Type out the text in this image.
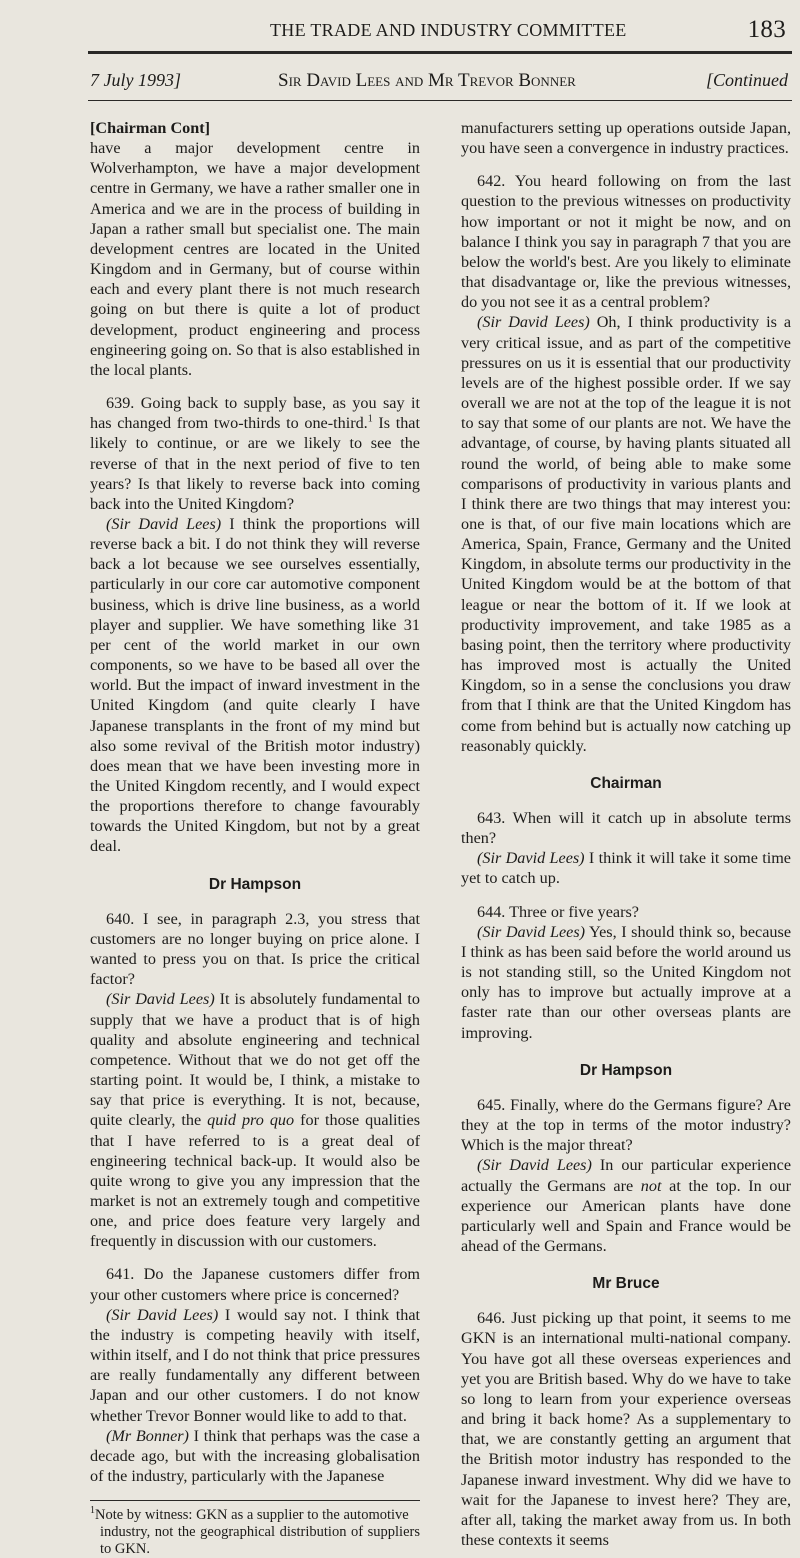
THE TRADE AND INDUSTRY COMMITTEE	183
7 July 1993]	Sir David Lees and Mr Trevor Bonner	[Continued
[Chairman Cont]

have a major development centre in Wolverhampton, we have a major development centre in Germany, we have a rather smaller one in America and we are in the process of building in Japan a rather small but specialist one. The main development centres are located in the United Kingdom and in Germany, but of course within each and every plant there is not much research going on but there is quite a lot of product development, product engineering and process engineering going on. So that is also established in the local plants.

639. Going back to supply base, as you say it has changed from two-thirds to one-third.$^1$ Is that likely to continue, or are we likely to see the reverse of that in the next period of five to ten years? Is that likely to reverse back into coming back into the United Kingdom?

(Sir David Lees) I think the proportions will reverse back a bit. I do not think they will reverse back a lot because we see ourselves essentially, particularly in our core car automotive component business, which is drive line business, as a world player and supplier. We have something like 31 per cent of the world market in our own components, so we have to be based all over the world. But the impact of inward investment in the United Kingdom (and quite clearly I have Japanese transplants in the front of my mind but also some revival of the British motor industry) does mean that we have been investing more in the United Kingdom recently, and I would expect the proportions therefore to change favourably towards the United Kingdom, but not by a great deal.

Dr Hampson

640. I see, in paragraph 2.3, you stress that customers are no longer buying on price alone. I wanted to press you on that. Is price the critical factor?

(Sir David Lees) It is absolutely fundamental to supply that we have a product that is of high quality and absolute engineering and technical competence. Without that we do not get off the starting point. It would be, I think, a mistake to say that price is everything. It is not, because, quite clearly, the quid pro quo for those qualities that I have referred to is a great deal of engineering technical back-up. It would also be quite wrong to give you any impression that the market is not an extremely tough and competitive one, and price does feature very largely and frequently in discussion with our customers.

641. Do the Japanese customers differ from your other customers where price is concerned?

(Sir David Lees) I would say not. I think that the industry is competing heavily with itself, within itself, and I do not think that price pressures are really fundamentally any different between Japan and our other customers. I do not know whether Trevor Bonner would like to add to that.

(Mr Bonner) I think that perhaps was the case a decade ago, but with the increasing globalisation of the industry, particularly with the Japanese

$^1$Note by witness: GKN as a supplier to the automotive
industry, not the geographical distribution of suppliers to GKN.

manufacturers setting up operations outside Japan, you have seen a convergence in industry practices.

642. You heard following on from the last question to the previous witnesses on productivity how important or not it might be now, and on balance I think you say in paragraph 7 that you are below the world's best. Are you likely to eliminate that disadvantage or, like the previous witnesses, do you not see it as a central problem?

(Sir David Lees) Oh, I think productivity is a very critical issue, and as part of the competitive pressures on us it is essential that our productivity levels are of the highest possible order. If we say overall we are not at the top of the league it is not to say that some of our plants are not. We have the advantage, of course, by having plants situated all round the world, of being able to make some comparisons of productivity in various plants and I think there are two things that may interest you: one is that, of our five main locations which are America, Spain, France, Germany and the United Kingdom, in absolute terms our productivity in the United Kingdom would be at the bottom of that league or near the bottom of it. If we look at productivity improvement, and take 1985 as a basing point, then the territory where productivity has improved most is actually the United Kingdom, so in a sense the conclusions you draw from that I think are that the United Kingdom has come from behind but is actually now catching up reasonably quickly.

Chairman

643. When will it catch up in absolute terms then?

(Sir David Lees) I think it will take it some time yet to catch up.

644. Three or five years?

(Sir David Lees) Yes, I should think so, because I think as has been said before the world around us is not standing still, so the United Kingdom not only has to improve but actually improve at a faster rate than our other overseas plants are improving.

Dr Hampson

645. Finally, where do the Germans figure? Are they at the top in terms of the motor industry? Which is the major threat?

(Sir David Lees) In our particular experience actually the Germans are not at the top. In our experience our American plants have done particularly well and Spain and France would be ahead of the Germans.

Mr Bruce

646. Just picking up that point, it seems to me GKN is an international multi-national company. You have got all these overseas experiences and yet you are British based. Why do we have to take so long to learn from your experience overseas and bring it back home? As a supplementary to that, we are constantly getting an argument that the British motor industry has responded to the Japanese inward investment. Why did we have to wait for the Japanese to invest here? They are, after all, taking the market away from us. In both these contexts it seems
